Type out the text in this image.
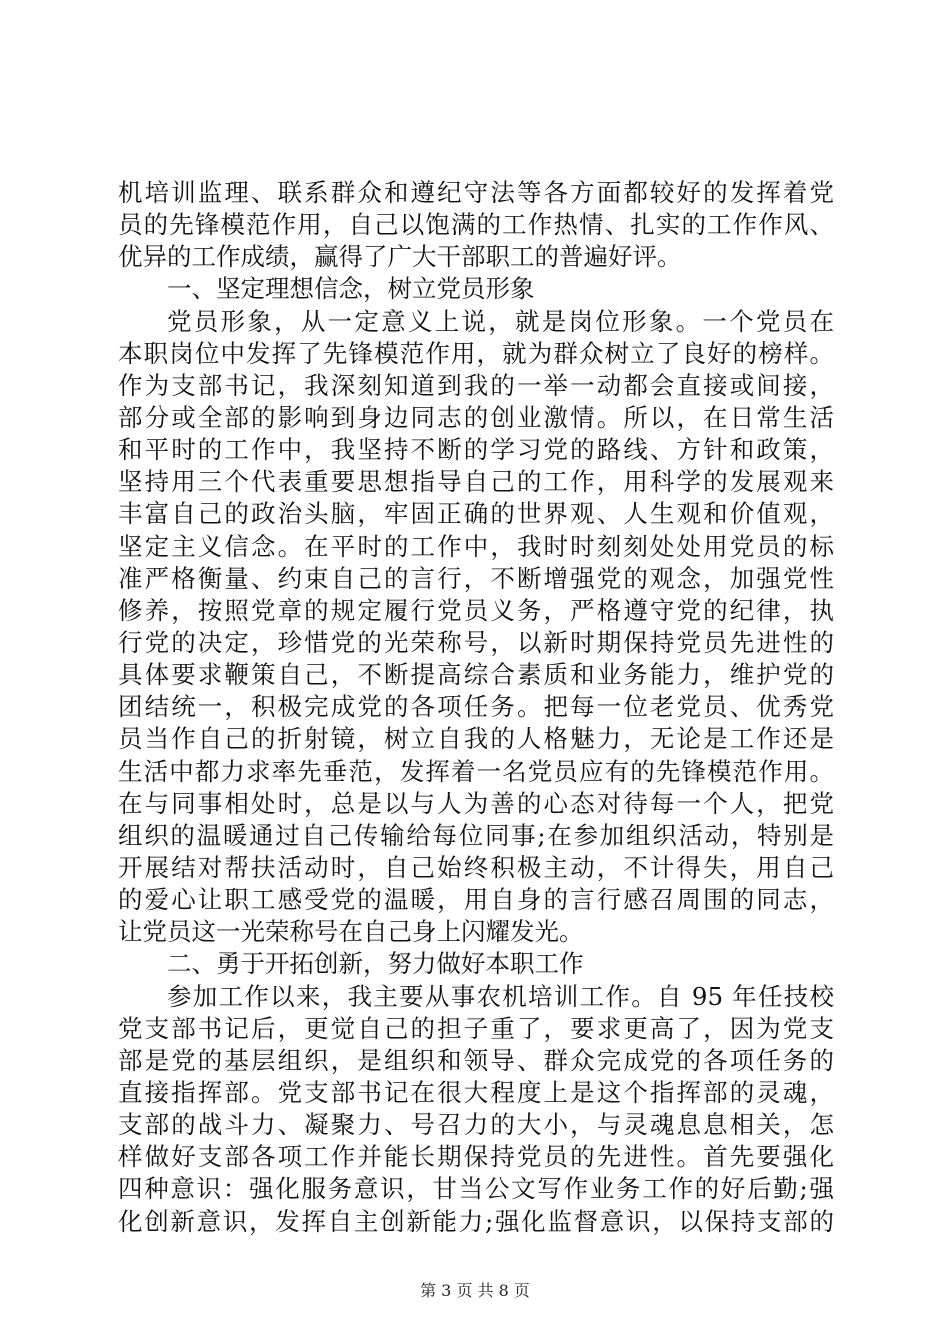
机培训监理、联系群众和遵纪守法等各方面都较好的发挥着党
员的先锋模范作用，自己以饱满的工作热情、扎实的工作作风、
优异的工作成绩，赢得了广大干部职工的普遍好评。
一、坚定理想信念，树立党员形象
党员形象，从一定意义上说，就是岗位形象。一个党员在
本职岗位中发挥了先锋模范作用，就为群众树立了良好的榜样。
作为支部书记，我深刻知道到我的一举一动都会直接或间接，
部分或全部的影响到身边同志的创业激情。所以，在日常生活
和平时的工作中，我坚持不断的学习党的路线、方针和政策，
坚持用三个代表重要思想指导自己的工作，用科学的发展观来
丰富自己的政治头脑，牢固正确的世界观、人生观和价值观，
坚定主义信念。在平时的工作中，我时时刻刻处处用党员的标
准严格衡量、约束自己的言行，不断增强党的观念，加强党性
修养，按照党章的规定履行党员义务，严格遵守党的纪律，执
行党的决定，珍惜党的光荣称号，以新时期保持党员先进性的
具体要求鞭策自己，不断提高综合素质和业务能力，维护党的
团结统一，积极完成党的各项任务。把每一位老党员、优秀党
员当作自己的折射镜，树立自我的人格魅力，无论是工作还是
生活中都力求率先垂范，发挥着一名党员应有的先锋模范作用。
在与同事相处时，总是以与人为善的心态对待每一个人，把党
组织的温暖通过自己传输给每位同事;在参加组织活动，特别是
开展结对帮扶活动时，自己始终积极主动，不计得失，用自己
的爱心让职工感受党的温暖，用自身的言行感召周围的同志，
让党员这一光荣称号在自己身上闪耀发光。
二、勇于开拓创新，努力做好本职工作
参加工作以来，我主要从事农机培训工作。自 95 年任技校
党支部书记后，更觉自己的担子重了，要求更高了，因为党支
部是党的基层组织，是组织和领导、群众完成党的各项任务的
直接指挥部。党支部书记在很大程度上是这个指挥部的灵魂，
支部的战斗力、凝聚力、号召力的大小，与灵魂息息相关，怎
样做好支部各项工作并能长期保持党员的先进性。首先要强化
四种意识：强化服务意识，甘当公文写作业务工作的好后勤;强
化创新意识，发挥自主创新能力;强化监督意识，以保持支部的
第 3 页 共 8 页
